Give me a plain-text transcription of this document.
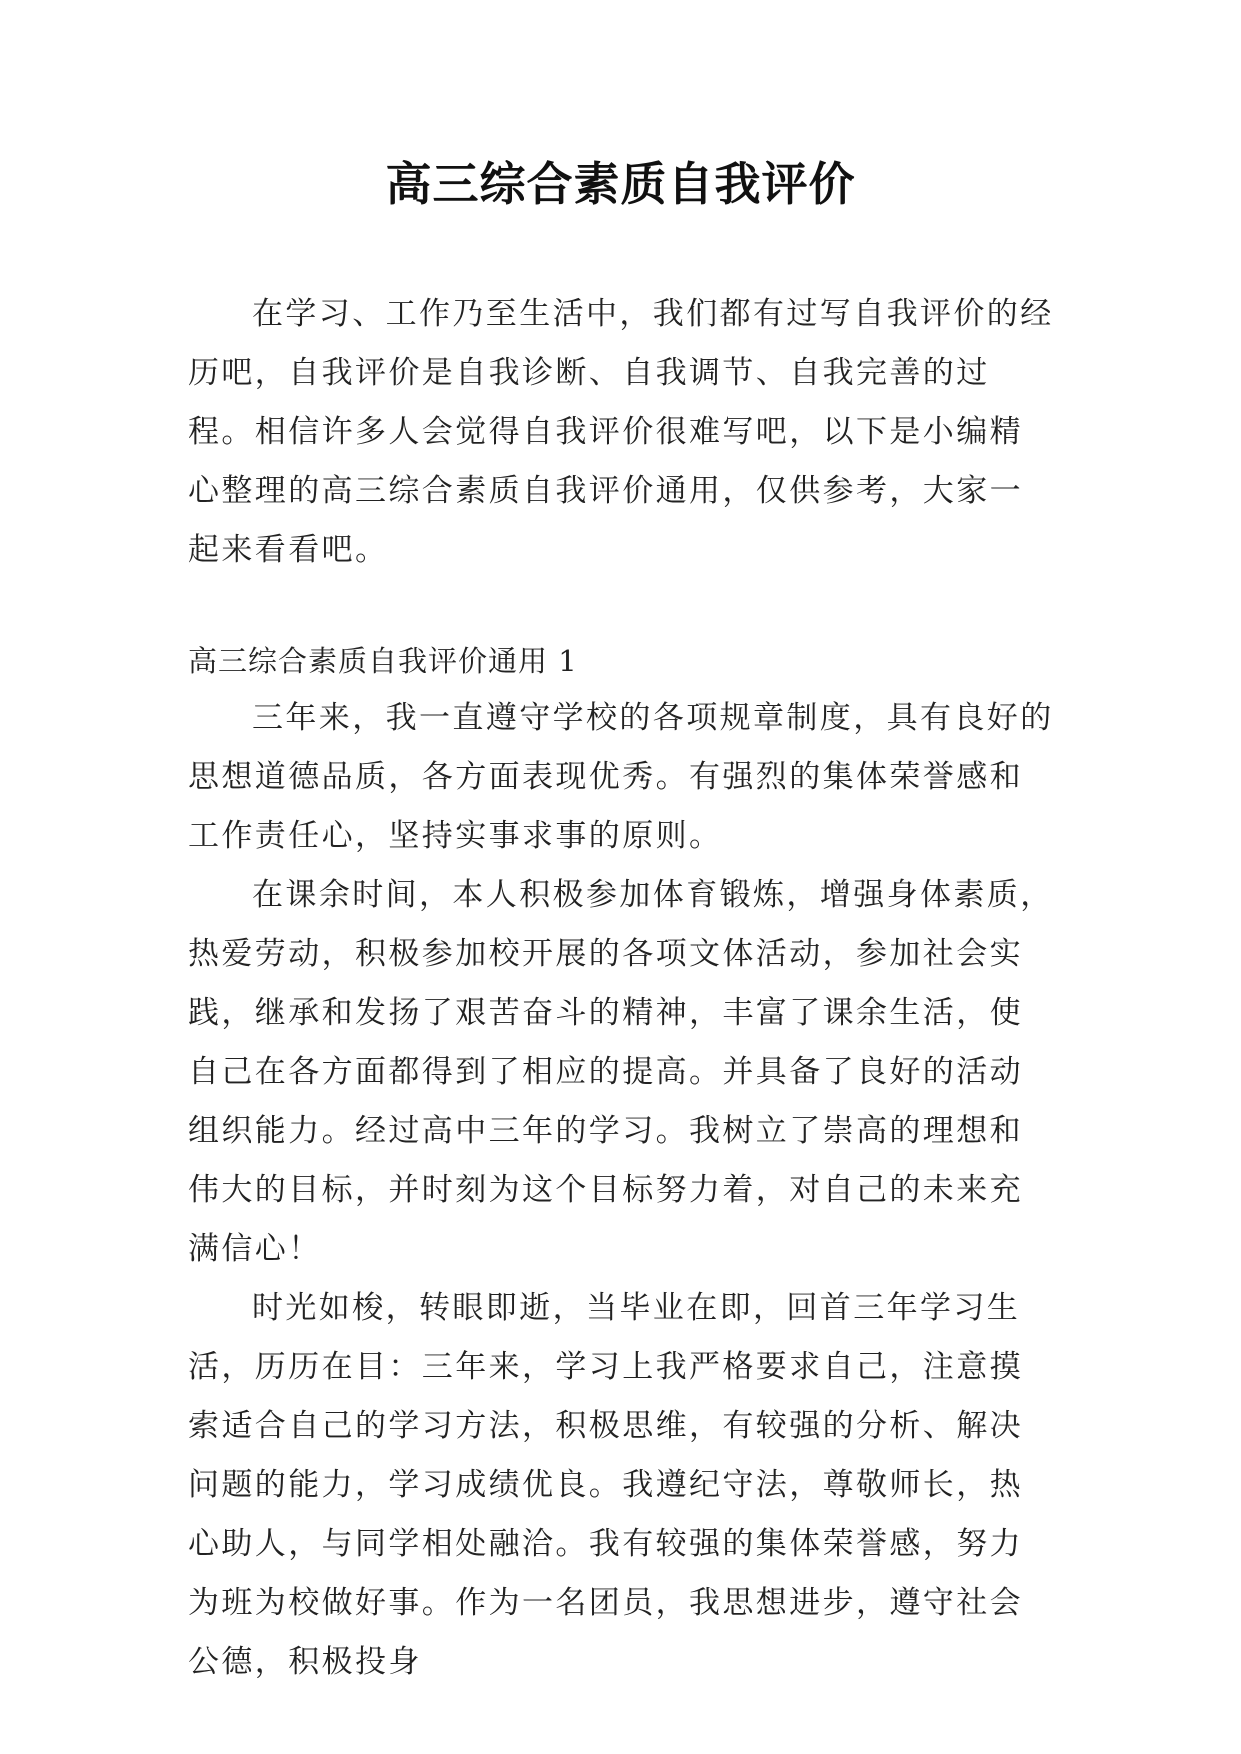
高三综合素质自我评价

在学习、工作乃至生活中，我们都有过写自我评价的经历吧，自我评价是自我诊断、自我调节、自我完善的过程。相信许多人会觉得自我评价很难写吧，以下是小编精心整理的高三综合素质自我评价通用，仅供参考，大家一起来看看吧。

高三综合素质自我评价通用 1

三年来，我一直遵守学校的各项规章制度，具有良好的思想道德品质，各方面表现优秀。有强烈的集体荣誉感和工作责任心，坚持实事求事的原则。

在课余时间，本人积极参加体育锻炼，增强身体素质，热爱劳动，积极参加校开展的各项文体活动，参加社会实践，继承和发扬了艰苦奋斗的精神，丰富了课余生活，使自己在各方面都得到了相应的提高。并具备了良好的活动组织能力。经过高中三年的学习。我树立了崇高的理想和伟大的目标，并时刻为这个目标努力着，对自己的未来充满信心！

时光如梭，转眼即逝，当毕业在即，回首三年学习生活，历历在目：三年来，学习上我严格要求自己，注意摸索适合自己的学习方法，积极思维，有较强的分析、解决问题的能力，学习成绩优良。我遵纪守法，尊敬师长，热心助人，与同学相处融洽。我有较强的集体荣誉感，努力为班为校做好事。作为一名团员，我思想进步，遵守社会公德，积极投身
